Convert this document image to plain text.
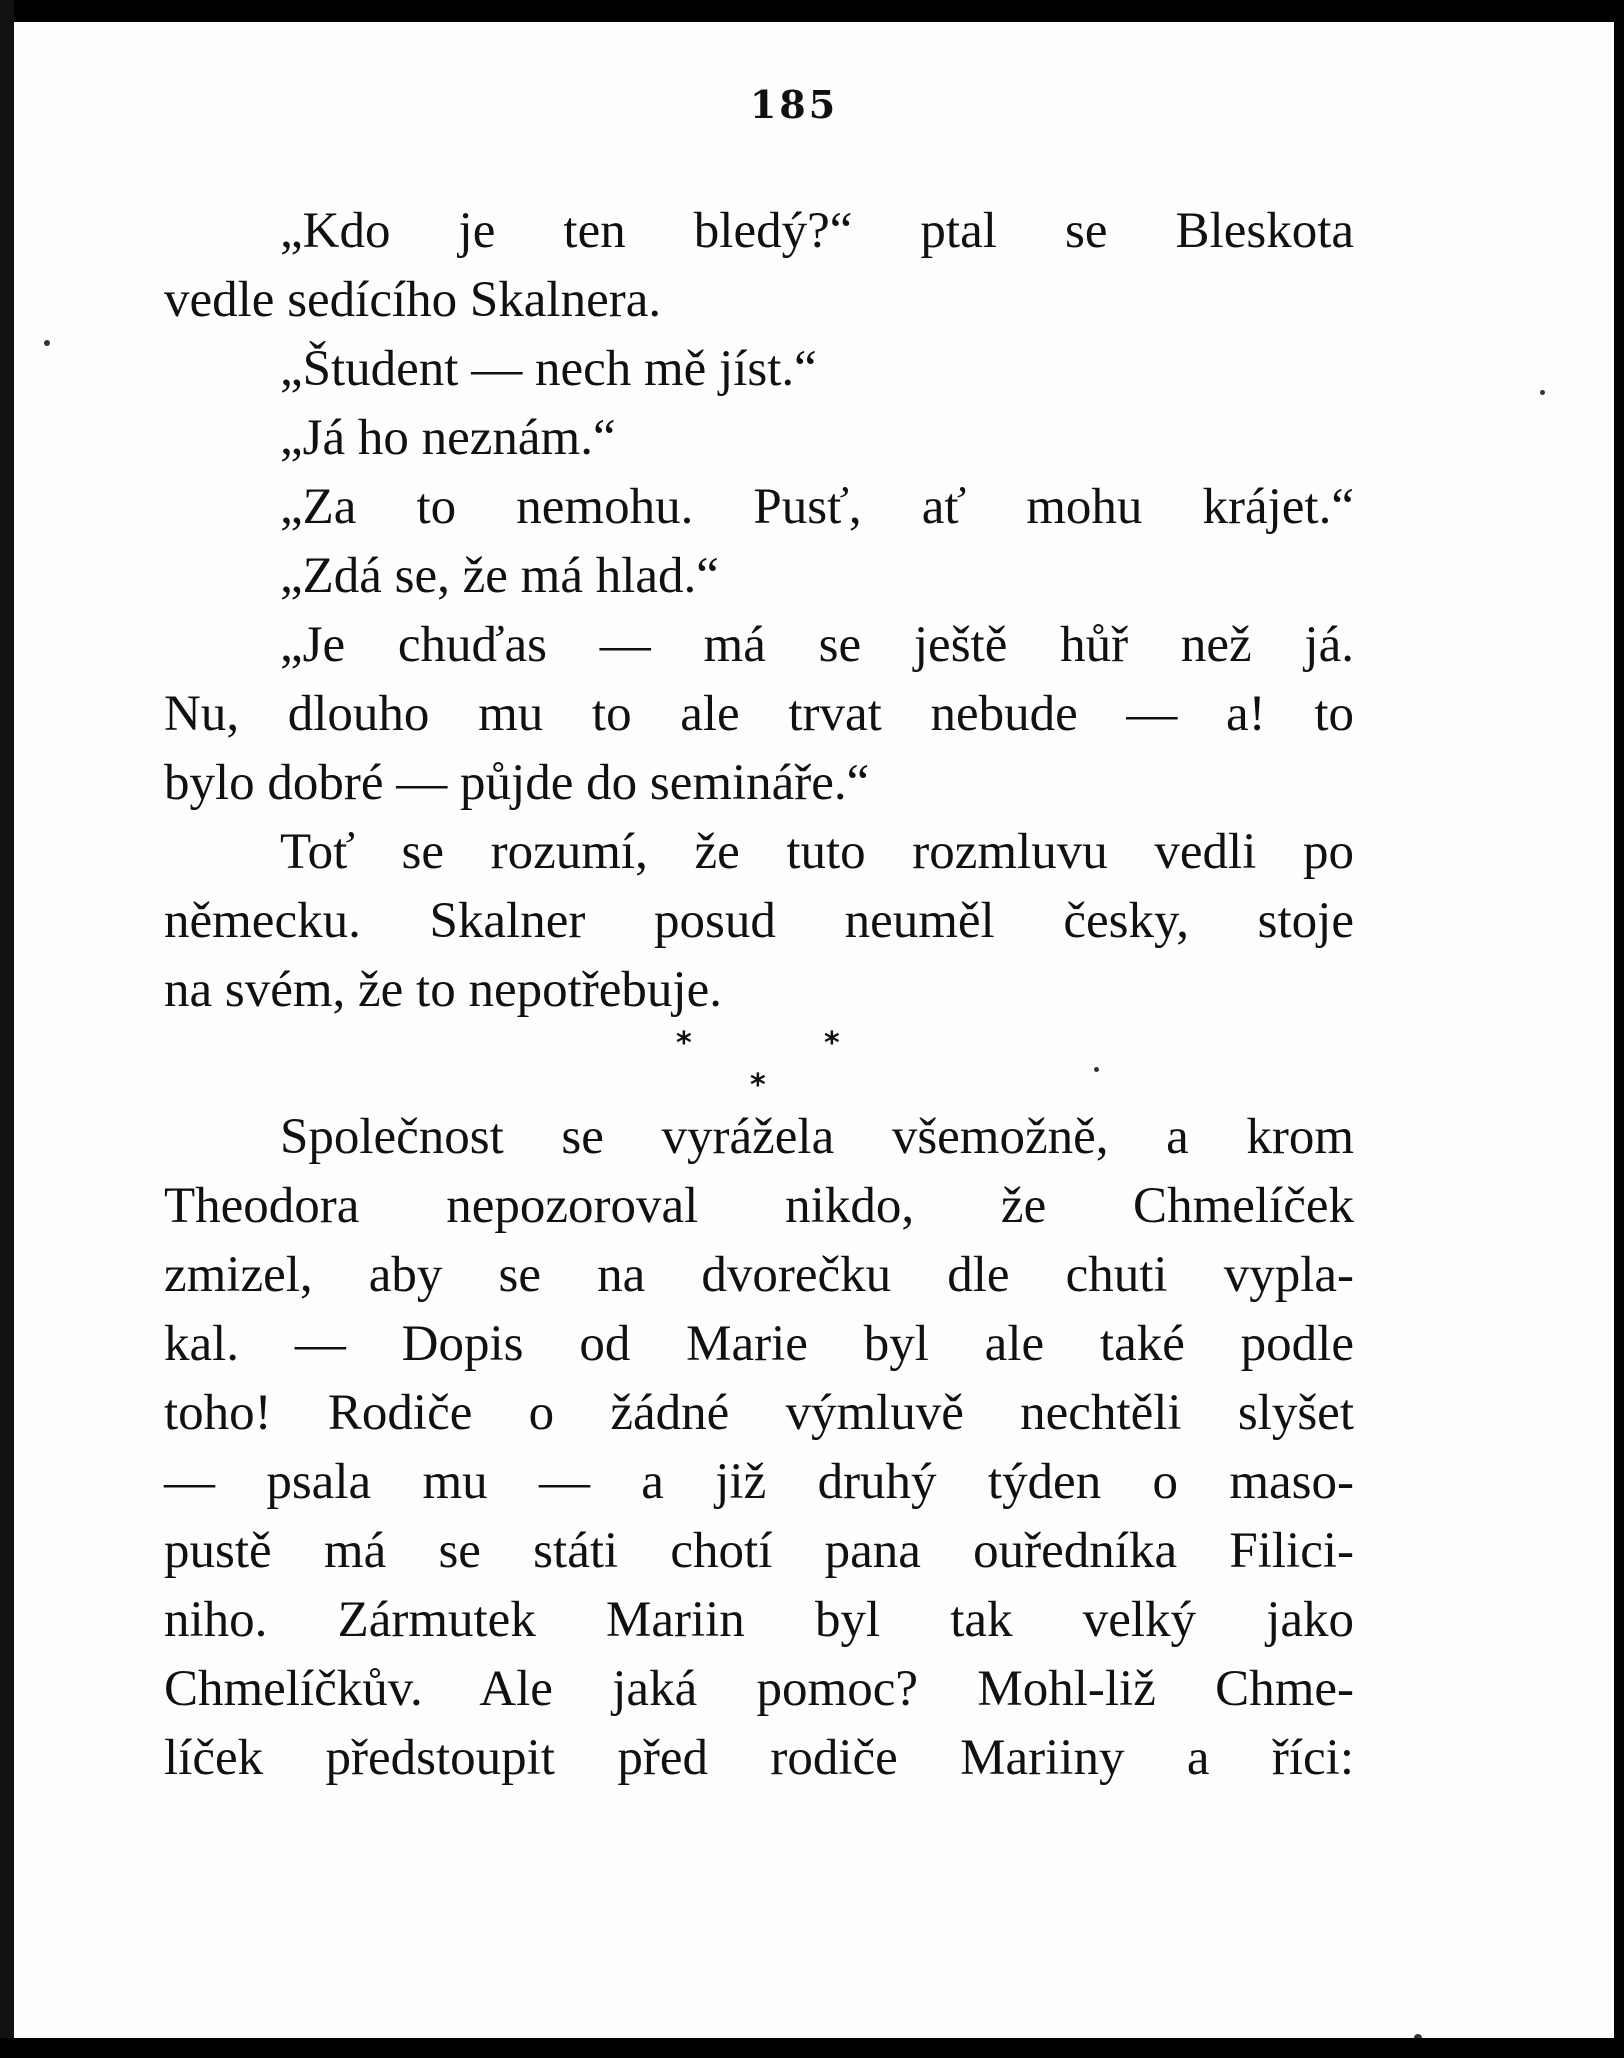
185
„Kdo je ten bledý?“ ptal se Bleskota
vedle sedícího Skalnera.
„Študent — nech mě jíst.“
„Já ho neznám.“
„Za to nemohu. Pusť, ať mohu krájet.“
„Zdá se, že má hlad.“
„Je chuďas — má se ještě hůř než já.
Nu, dlouho mu to ale trvat nebude — a! to
bylo dobré — půjde do semináře.“
Toť se rozumí, že tuto rozmluvu vedli po
německu. Skalner posud neuměl česky, stoje
na svém, že to nepotřebuje.
*	*
*
Společnost se vyrážela všemožně, a krom
Theodora nepozoroval nikdo, že Chmelíček
zmizel, aby se na dvorečku dle chuti vypla-
kal. — Dopis od Marie byl ale také podle
toho! Rodiče o žádné výmluvě nechtěli slyšet
— psala mu — a již druhý týden o maso-
pustě má se státi chotí pana ouředníka Filici-
niho. Zármutek Mariin byl tak velký jako
Chmelíčkův. Ale jaká pomoc? Mohl-liž Chme-
líček předstoupit před rodiče Mariiny a říci:
